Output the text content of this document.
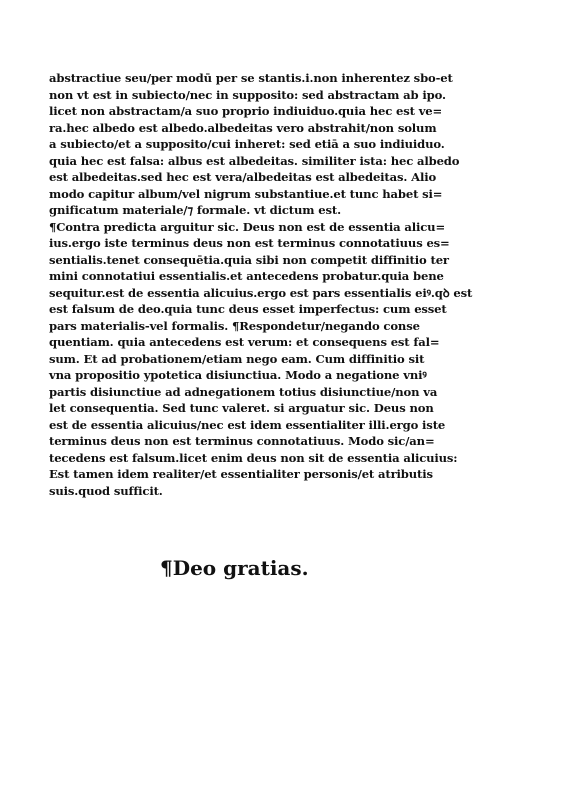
abstractiue seu/per modū per se stantis.i.non inherentez sbo-et
non vt est in subiecto/nec in supposito: sed abstractam ab ipo.
licet non abstractam/a suo proprio indiuiduo.quia hec est ve=
ra.hec albedo est albedo.albedeitas vero abstrahit/non solum
a subiecto/et a supposito/cui inheret: sed etiā a suo indiuiduo.
quia hec est falsa: albus est albedeitas. similiter ista: hec albedo
est albedeitas.sed hec est vera/albedeitas est albedeitas. Alio
modo capitur album/vel nigrum substantiue.et tunc habet si=
gnificatum materiale/⁊ formale. vt dictum est.
¶Contra predicta arguitur sic. Deus non est de essentia alicu=
ius.ergo iste terminus deus non est terminus connotatiuus es=
sentialis.tenet consequētia.quia sibi non competit diffinitio ter
mini connotatiui essentialis.et antecedens probatur.quia bene
sequitur.est de essentia alicuius.ergo est pars essentialis eiꝰ.qꝺ est
est falsum de deo.quia tunc deus esset imperfectus: cum esset
pars materialis-vel formalis. ¶Respondetur/negando conse
quentiam. quia antecedens est verum: et consequens est fal=
sum. Et ad probationem/etiam nego eam. Cum diffinitio sit
vna propositio ypotetica disiunctiua. Modo a negatione vniꝰ
partis disiunctiue ad adnegationem totius disiunctiue/non va
let consequentia. Sed tunc valeret. si arguatur sic. Deus non
est de essentia alicuius/nec est idem essentialiter illi.ergo iste
terminus deus non est terminus connotatiuus. Modo sic/an=
tecedens est falsum.licet enim deus non sit de essentia alicuius:
Est tamen idem realiter/et essentialiter personis/et atributis
suis.quod sufficit.
¶Deo gratias.
